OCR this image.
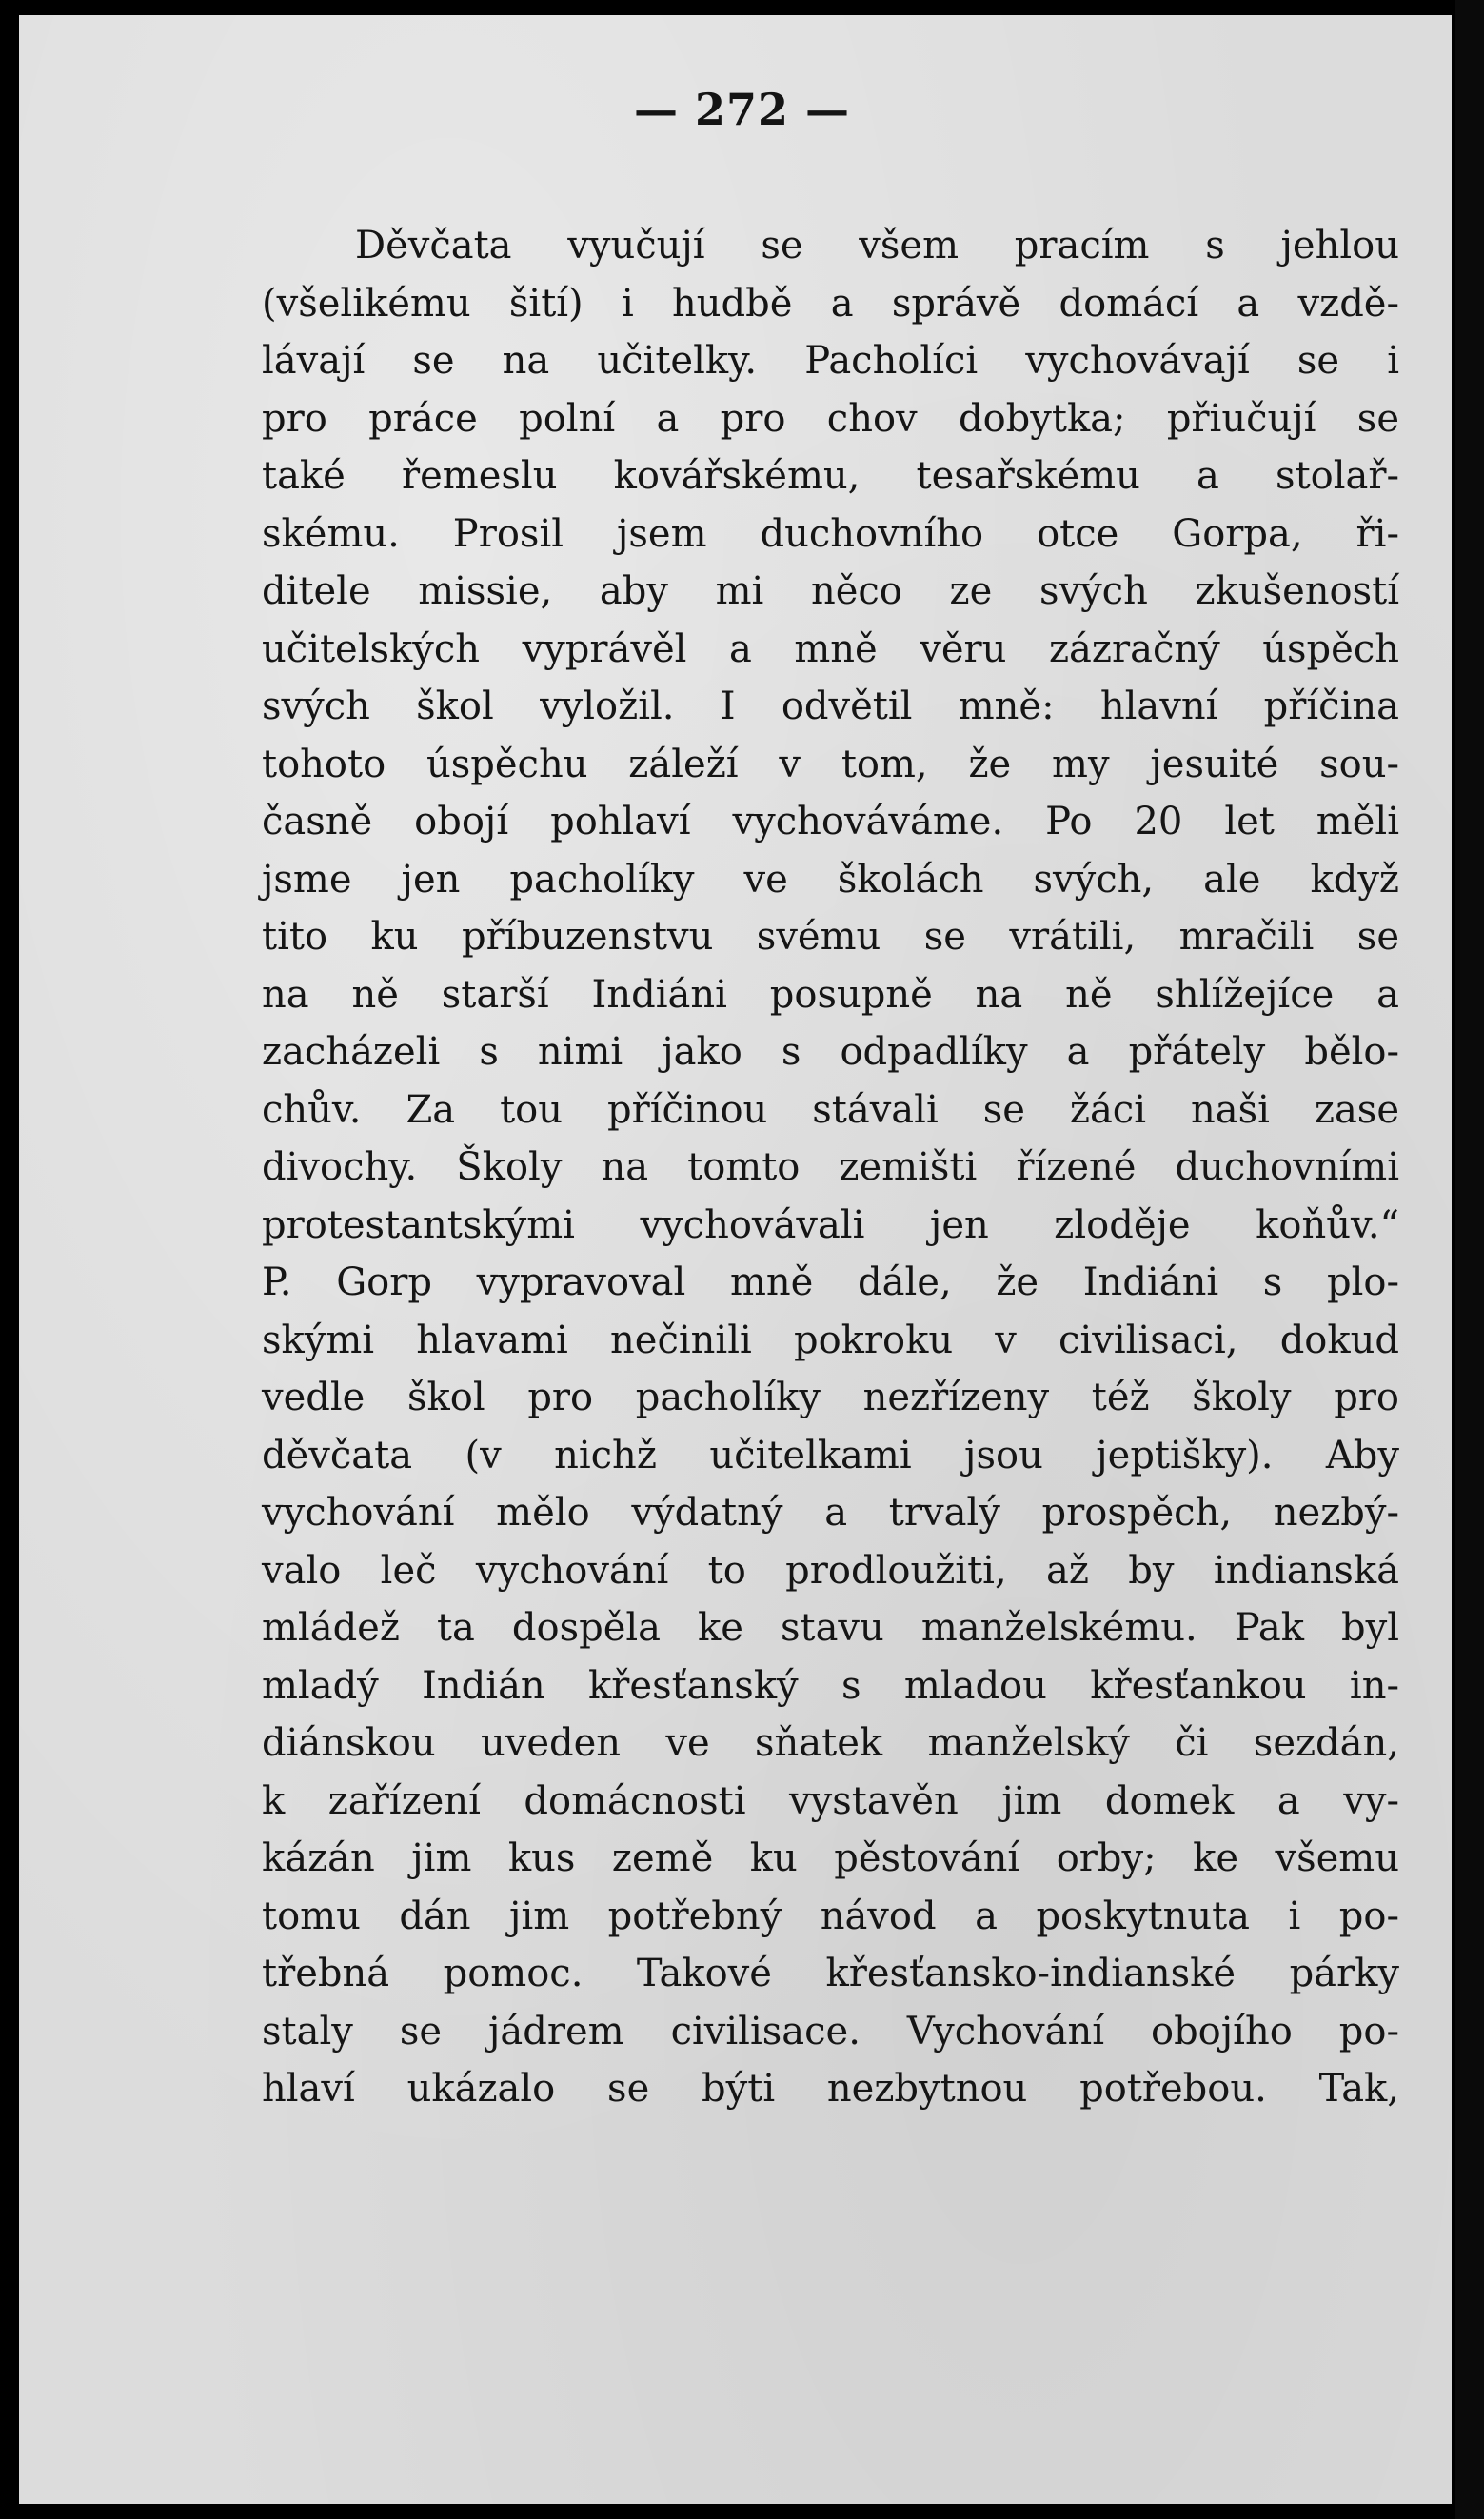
— 272 —
Děvčata vyučují se všem pracím s jehlou
(všelikému šití) i hudbě a správě domácí a vzdě-
lávají se na učitelky. Pacholíci vychovávají se i
pro práce polní a pro chov dobytka; přiučují se
také řemeslu kovářskému, tesařskému a stolař-
skému. Prosil jsem duchovního otce Gorpa, ři-
ditele missie, aby mi něco ze svých zkušeností
učitelských vyprávěl a mně věru zázračný úspěch
svých škol vyložil. I odvětil mně: hlavní příčina
tohoto úspěchu záleží v tom, že my jesuité sou-
časně obojí pohlaví vychováváme. Po 20 let měli
jsme jen pacholíky ve školách svých, ale když
tito ku příbuzenstvu svému se vrátili, mračili se
na ně starší Indiáni posupně na ně shlížejíce a
zacházeli s nimi jako s odpadlíky a přátely bělo-
chův. Za tou příčinou stávali se žáci naši zase
divochy. Školy na tomto zemišti řízené duchovními
protestantskými vychovávali jen zloděje koňův.“
P. Gorp vypravoval mně dále, že Indiáni s plo-
skými hlavami nečinili pokroku v civilisaci, dokud
vedle škol pro pacholíky nezřízeny též školy pro
děvčata (v nichž učitelkami jsou jeptišky). Aby
vychování mělo výdatný a trvalý prospěch, nezbý-
valo leč vychování to prodloužiti, až by indianská
mládež ta dospěla ke stavu manželskému. Pak byl
mladý Indián křesťanský s mladou křesťankou in-
diánskou uveden ve sňatek manželský či sezdán,
k zařízení domácnosti vystavěn jim domek a vy-
kázán jim kus země ku pěstování orby; ke všemu
tomu dán jim potřebný návod a poskytnuta i po-
třebná pomoc. Takové křesťansko-indianské párky
staly se jádrem civilisace. Vychování obojího po-
hlaví ukázalo se býti nezbytnou potřebou. Tak,
